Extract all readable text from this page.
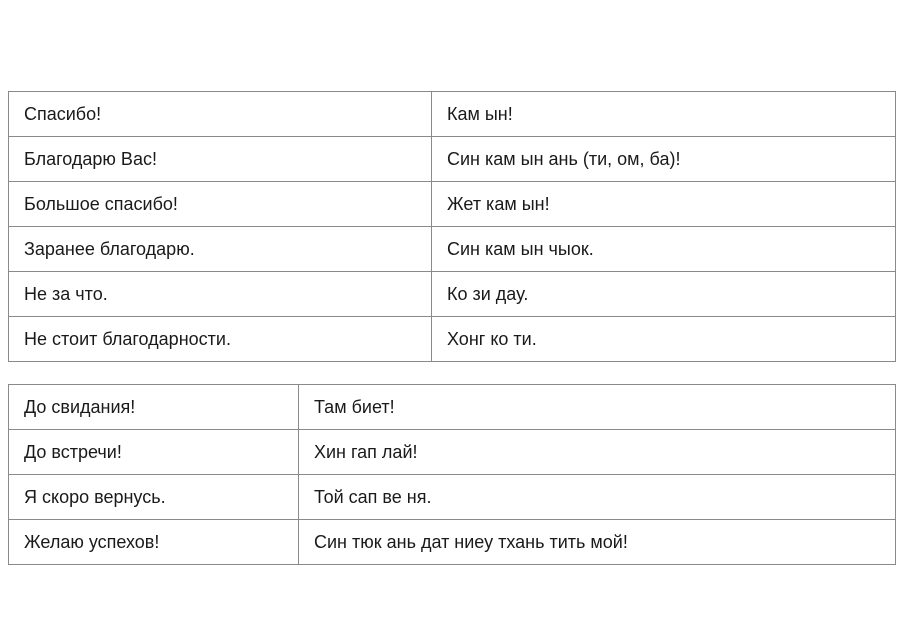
Спасибо!	Кам ын!
Благодарю Вас!	Син кам ын ань (ти, ом, ба)!
Большое спасибо!	Жет кам ын!
Заранее благодарю.	Син кам ын чыок.
Не за что.	Ко зи дау.
Не стоит благодарности.	Хонг ко ти.
До свидания!	Там биет!
До встречи!	Хин гап лай!
Я скоро вернусь.	Той сап ве ня.
Желаю успехов!	Син тюк ань дат ниеу тхань тить мой!
